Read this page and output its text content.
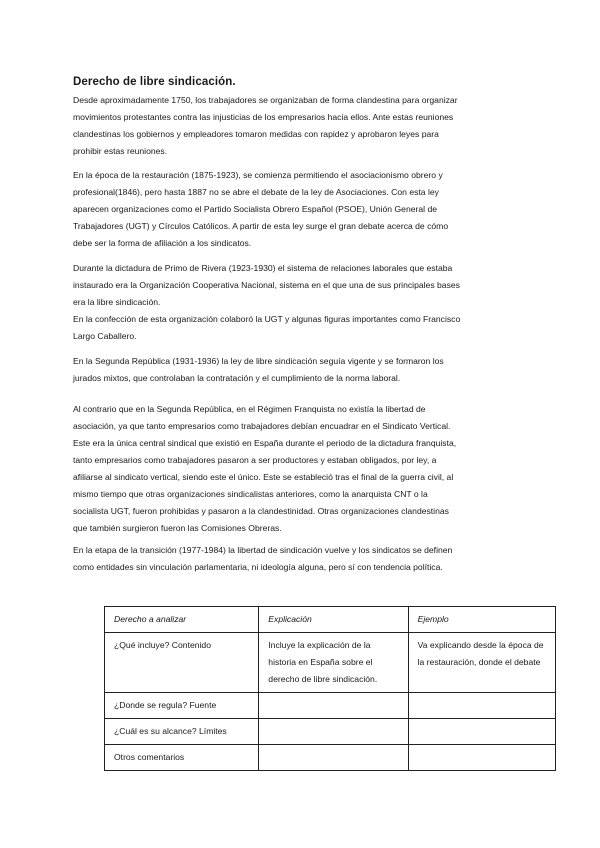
Derecho de libre sindicación.
Desde aproximadamente 1750, los trabajadores se organizaban de forma clandestina para organizar
movimientos protestantes contra las injusticias de los empresarios hacia ellos. Ante estas reuniones
clandestinas los gobiernos y empleadores tomaron medidas con rapidez y aprobaron leyes para
prohibir estas reuniones.
En la época de la restauración (1875-1923), se comienza permitiendo el asociacionismo obrero y
profesional(1846), pero hasta 1887 no se abre el debate de la ley de Asociaciones. Con esta ley
aparecen organizaciones como el Partido Socialista Obrero Español (PSOE), Unión General de
Trabajadores (UGT) y Círculos Católicos. A partir de esta ley surge el gran debate acerca de cómo
debe ser la forma de afiliación a los sindicatos.
Durante la dictadura de Primo de Rivera (1923-1930) el sistema de relaciones laborales que estaba
instaurado era la Organización Cooperativa Nacional, sistema en el que una de sus principales bases
era la libre sindicación.
En la confección de esta organización colaboró la UGT y algunas figuras importantes como Francisco
Largo Caballero.
En la Segunda República (1931-1936) la ley de libre sindicación seguía vigente y se formaron los
jurados mixtos, que controlaban la contratación y el cumplimiento de la norma laboral.
Al contrario que en la Segunda República, en el Régimen Franquista no existía la libertad de
asociación, ya que tanto empresarios como trabajadores debían encuadrar en el Sindicato Vertical.
Este era la única central sindical que existió en España durante el periodo de la dictadura franquista,
tanto empresarios como trabajadores pasaron a ser productores y estaban obligados, por ley, a
afiliarse al sindicato vertical, siendo este el único. Este se estableció tras el final de la guerra civil, al
mismo tiempo que otras organizaciones sindicalistas anteriores, como la anarquista CNT o la
socialista UGT, fueron prohibidas y pasaron a la clandestinidad. Otras organizaciones clandestinas
que también surgieron fueron las Comisiones Obreras.
En la etapa de la transición (1977-1984) la libertad de sindicación vuelve y los sindicatos se definen
como entidades sin vinculación parlamentaria, ni ideología alguna, pero sí con tendencia política.
Derecho a analizar	Explicación	Ejemplo
¿Qué incluye? Contenido	Incluye la explicación de la historia en España sobre el derecho de libre sindicación.	Va explicando desde la época de la restauración, donde el debate
¿Donde se regula? Fuente		
¿Cuál es su alcance? Límites		
Otros comentarios		
